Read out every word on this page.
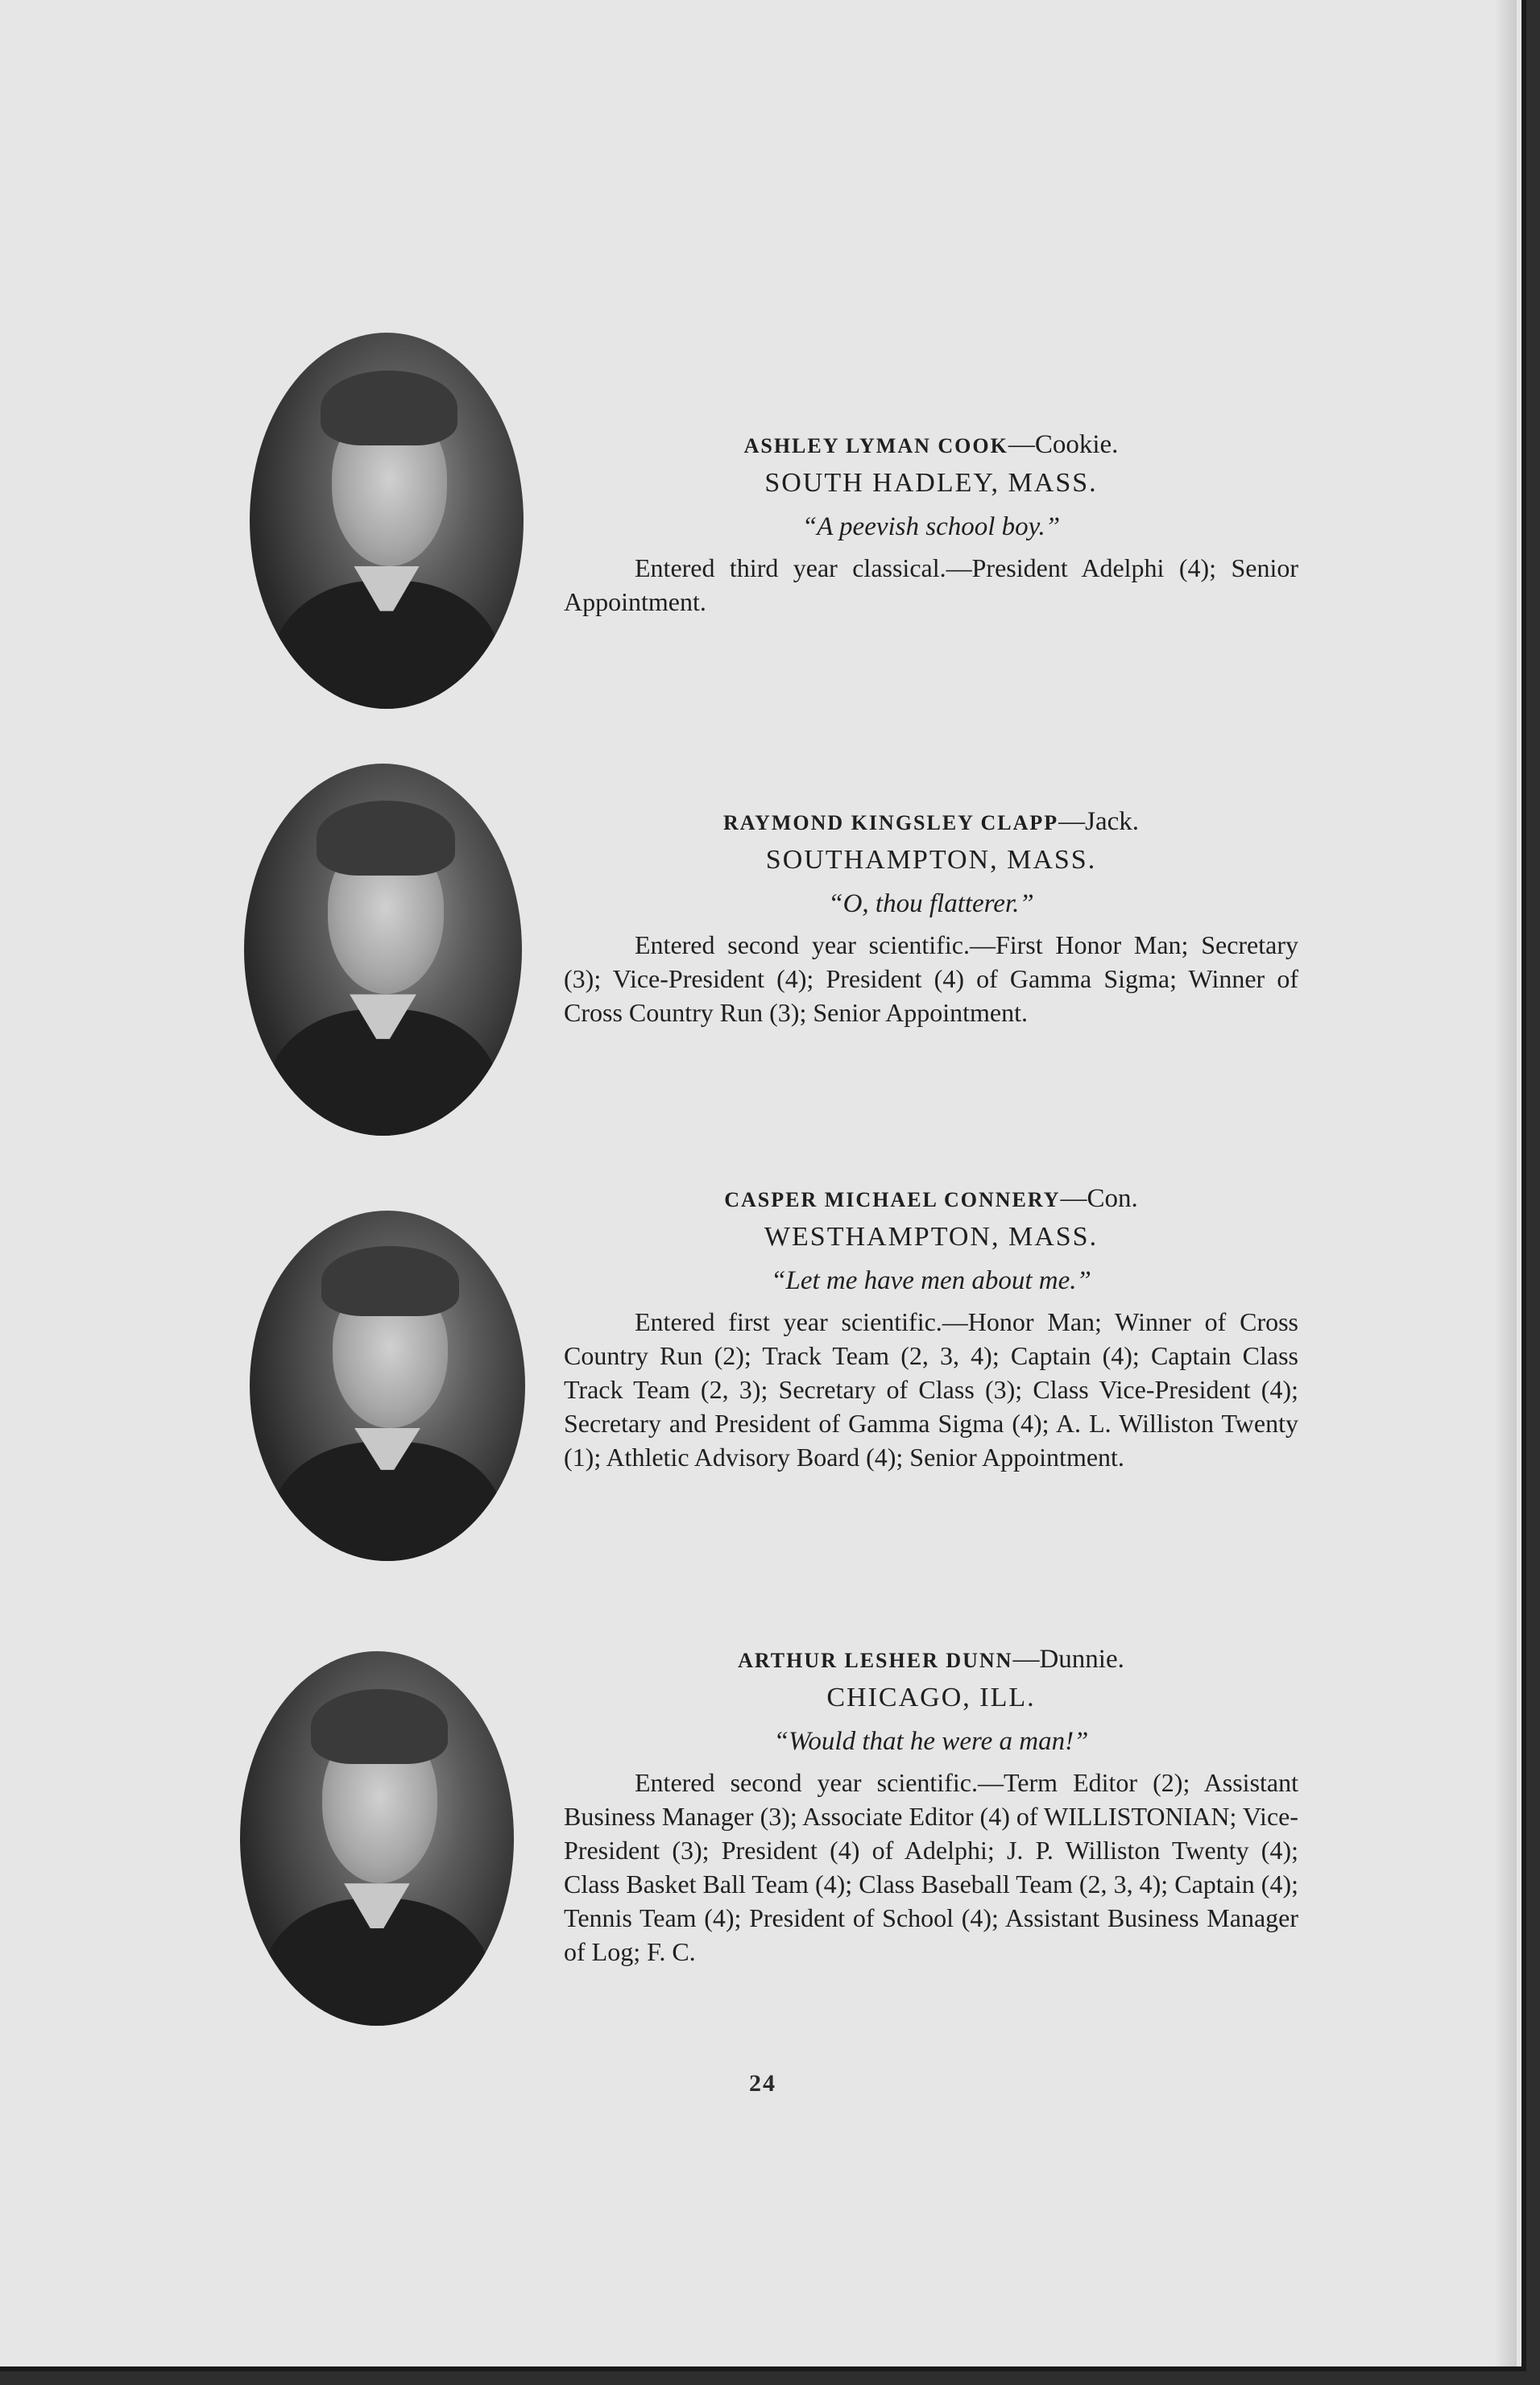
ASHLEY LYMAN COOK—Cookie.
SOUTH HADLEY, MASS.
“A peevish school boy.”
Entered third year classical.—President Adelphi (4); Senior Appointment.
RAYMOND KINGSLEY CLAPP—Jack.
SOUTHAMPTON, MASS.
“O, thou flatterer.”
Entered second year scientific.—First Honor Man; Secretary (3); Vice-President (4); President (4) of Gamma Sigma; Winner of Cross Country Run (3); Senior Appointment.
CASPER MICHAEL CONNERY—Con.
WESTHAMPTON, MASS.
“Let me have men about me.”
Entered first year scientific.—Honor Man; Winner of Cross Country Run (2); Track Team (2, 3, 4); Captain (4); Captain Class Track Team (2, 3); Secretary of Class (3); Class Vice-President (4); Secretary and President of Gamma Sigma (4); A. L. Williston Twenty (1); Athletic Advisory Board (4); Senior Appointment.
ARTHUR LESHER DUNN—Dunnie.
CHICAGO, ILL.
“Would that he were a man!”
Entered second year scientific.—Term Editor (2); Assistant Business Manager (3); Associate Editor (4) of WILLISTONIAN; Vice-President (3); President (4) of Adelphi; J. P. Williston Twenty (4); Class Basket Ball Team (4); Class Baseball Team (2, 3, 4); Captain (4); Tennis Team (4); President of School (4); Assistant Business Manager of Log; F. C.
24
